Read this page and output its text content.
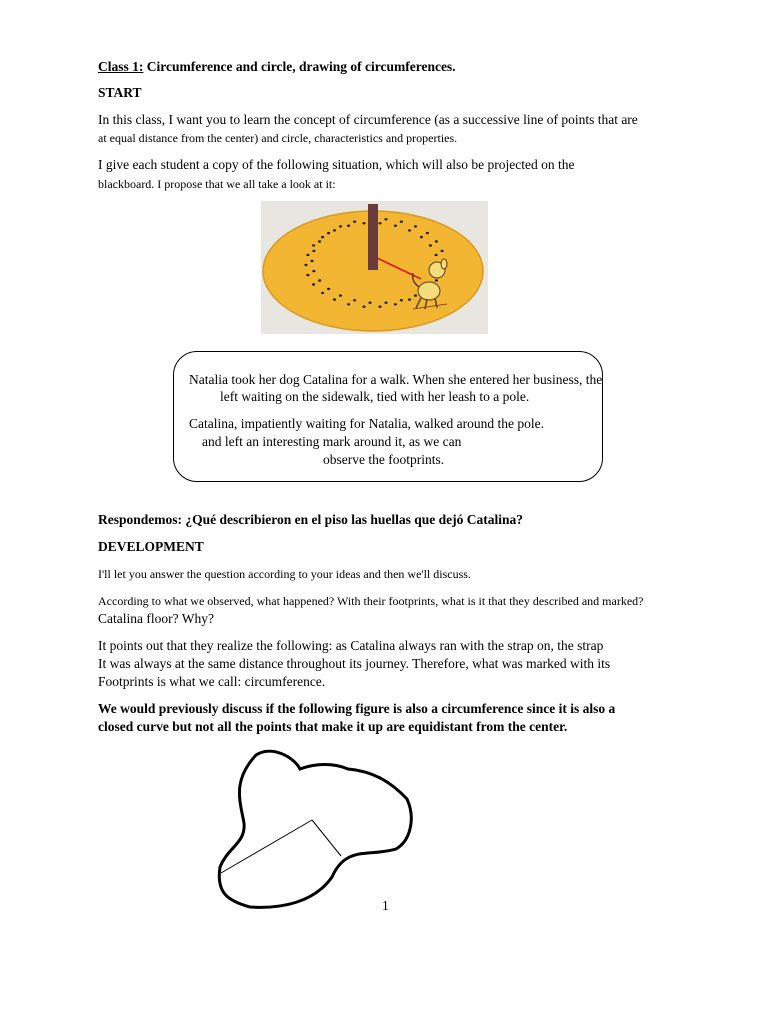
Class 1: Circumference and circle, drawing of circumferences.
START
In this class, I want you to learn the concept of circumference (as a successive line of points that are
at equal distance from the center) and circle, characteristics and properties.
I give each student a copy of the following situation, which will also be projected on the
blackboard. I propose that we all take a look at it:
Natalia took her dog Catalina for a walk. When she entered her business, the
left waiting on the sidewalk, tied with her leash to a pole.
Catalina, impatiently waiting for Natalia, walked around the pole.
and left an interesting mark around it, as we can
observe the footprints.
Respondemos: ¿Qué describieron en el piso las huellas que dejó Catalina?
DEVELOPMENT
I'll let you answer the question according to your ideas and then we'll discuss.
According to what we observed, what happened? With their footprints, what is it that they described and marked?
Catalina floor? Why?
It points out that they realize the following: as Catalina always ran with the strap on, the strap
It was always at the same distance throughout its journey. Therefore, what was marked with its
Footprints is what we call: circumference.
We would previously discuss if the following figure is also a circumference since it is also a
closed curve but not all the points that make it up are equidistant from the center.
1
